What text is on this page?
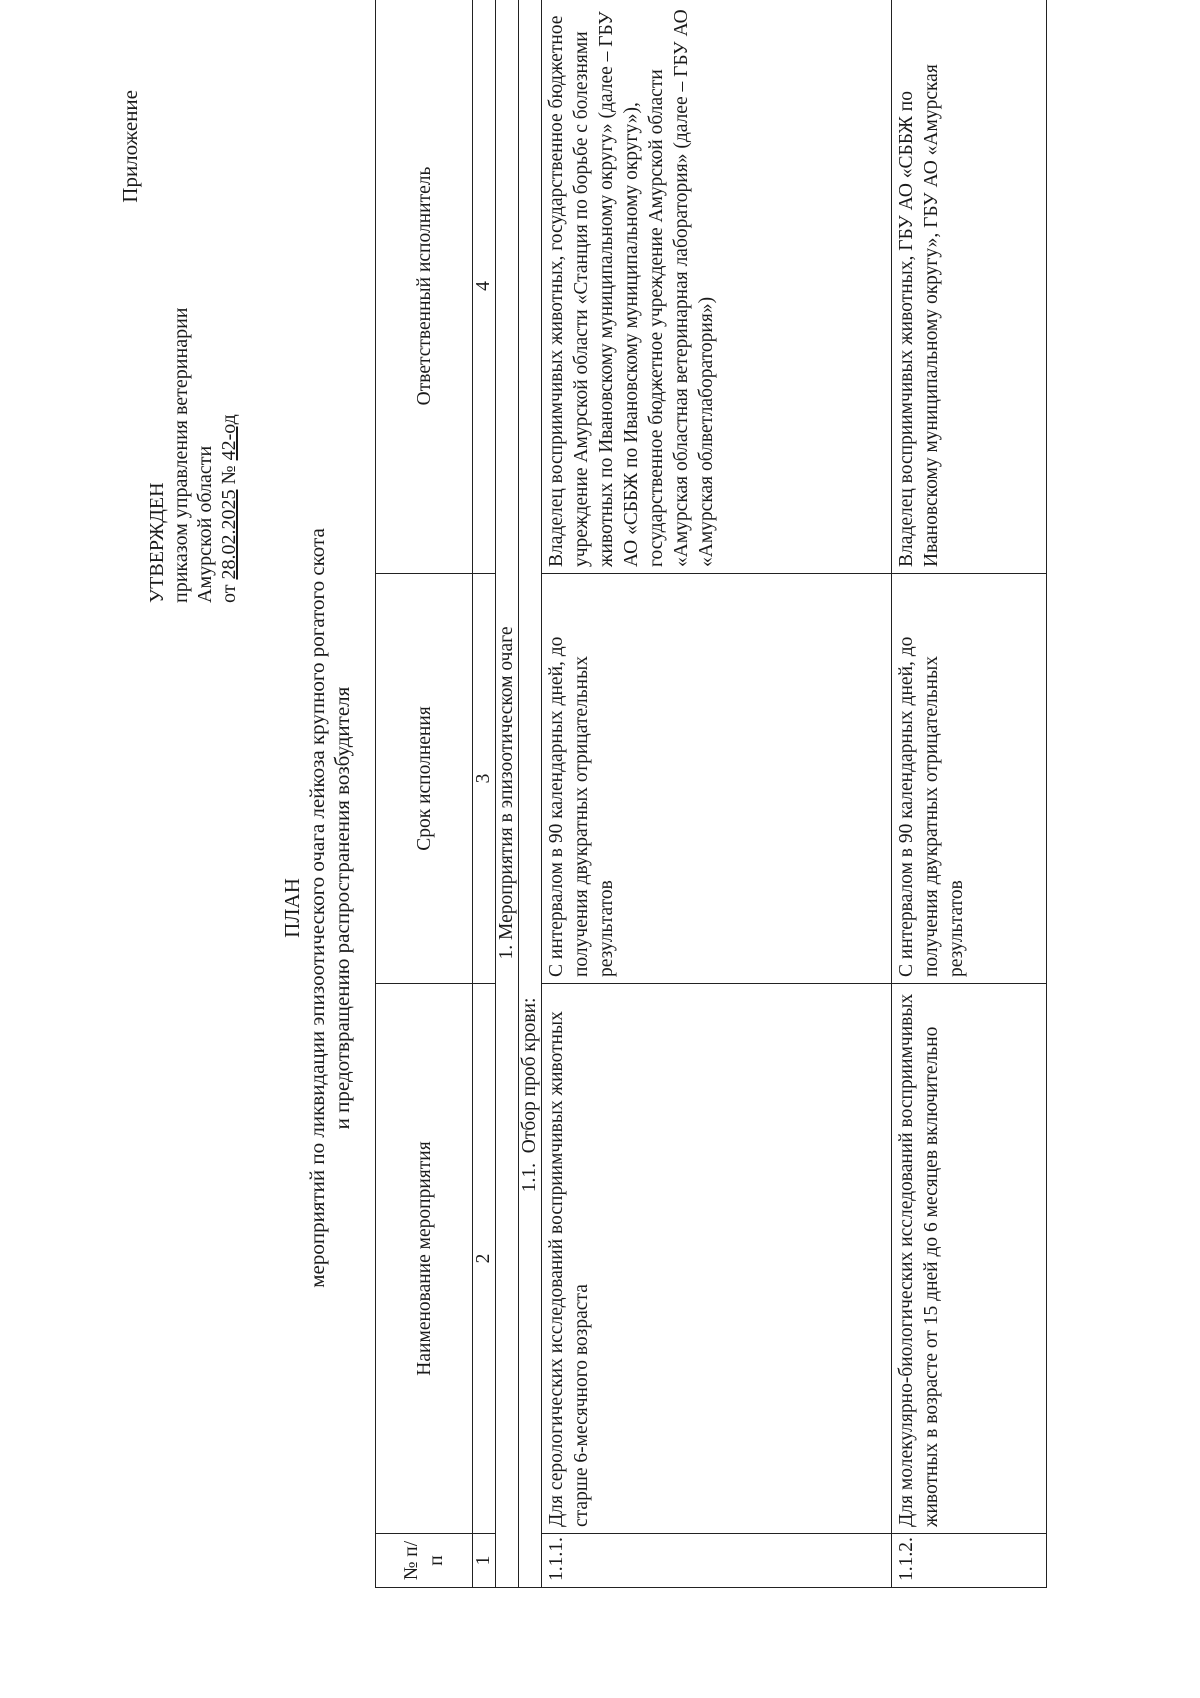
Приложение
УТВЕРЖДЕН приказом управления ветеринарии Амурской области от 28.02.2025 № 42-од
ПЛАН мероприятий по ликвидации эпизоотического очага лейкоза крупного рогатого скота и предотвращению распространения возбудителя
№ п/п	Наименование мероприятия	Срок исполнения	Ответственный исполнитель
1	2	3	4
1. Мероприятия в эпизоотическом очаге			
1.1.  Отбор проб крови:			
1.1.1.	Для серологических исследований восприимчивых животных старше 6-месячного возраста	С интервалом в 90 календарных дней, до получения двукратных отрицательных результатов	Владелец восприимчивых животных, государственное бюджетное учреждение Амурской области «Станция по борьбе с болезнями животных по Ивановскому муниципальному округу» (далее – ГБУ АО «СББЖ по Ивановскому муниципальному округу»), государственное бюджетное учреждение Амурской области «Амурская областная ветеринарная лаборатория» (далее – ГБУ АО «Амурская облветлаборатория»)
1.1.2.	Для молекулярно-биологических исследований восприимчивых животных в возрасте от 15 дней до 6 месяцев включительно	С интервалом в 90 календарных дней, до получения двукратных отрицательных результатов	Владелец восприимчивых животных, ГБУ АО «СББЖ по Ивановскому муниципальному округу», ГБУ АО «Амурская
